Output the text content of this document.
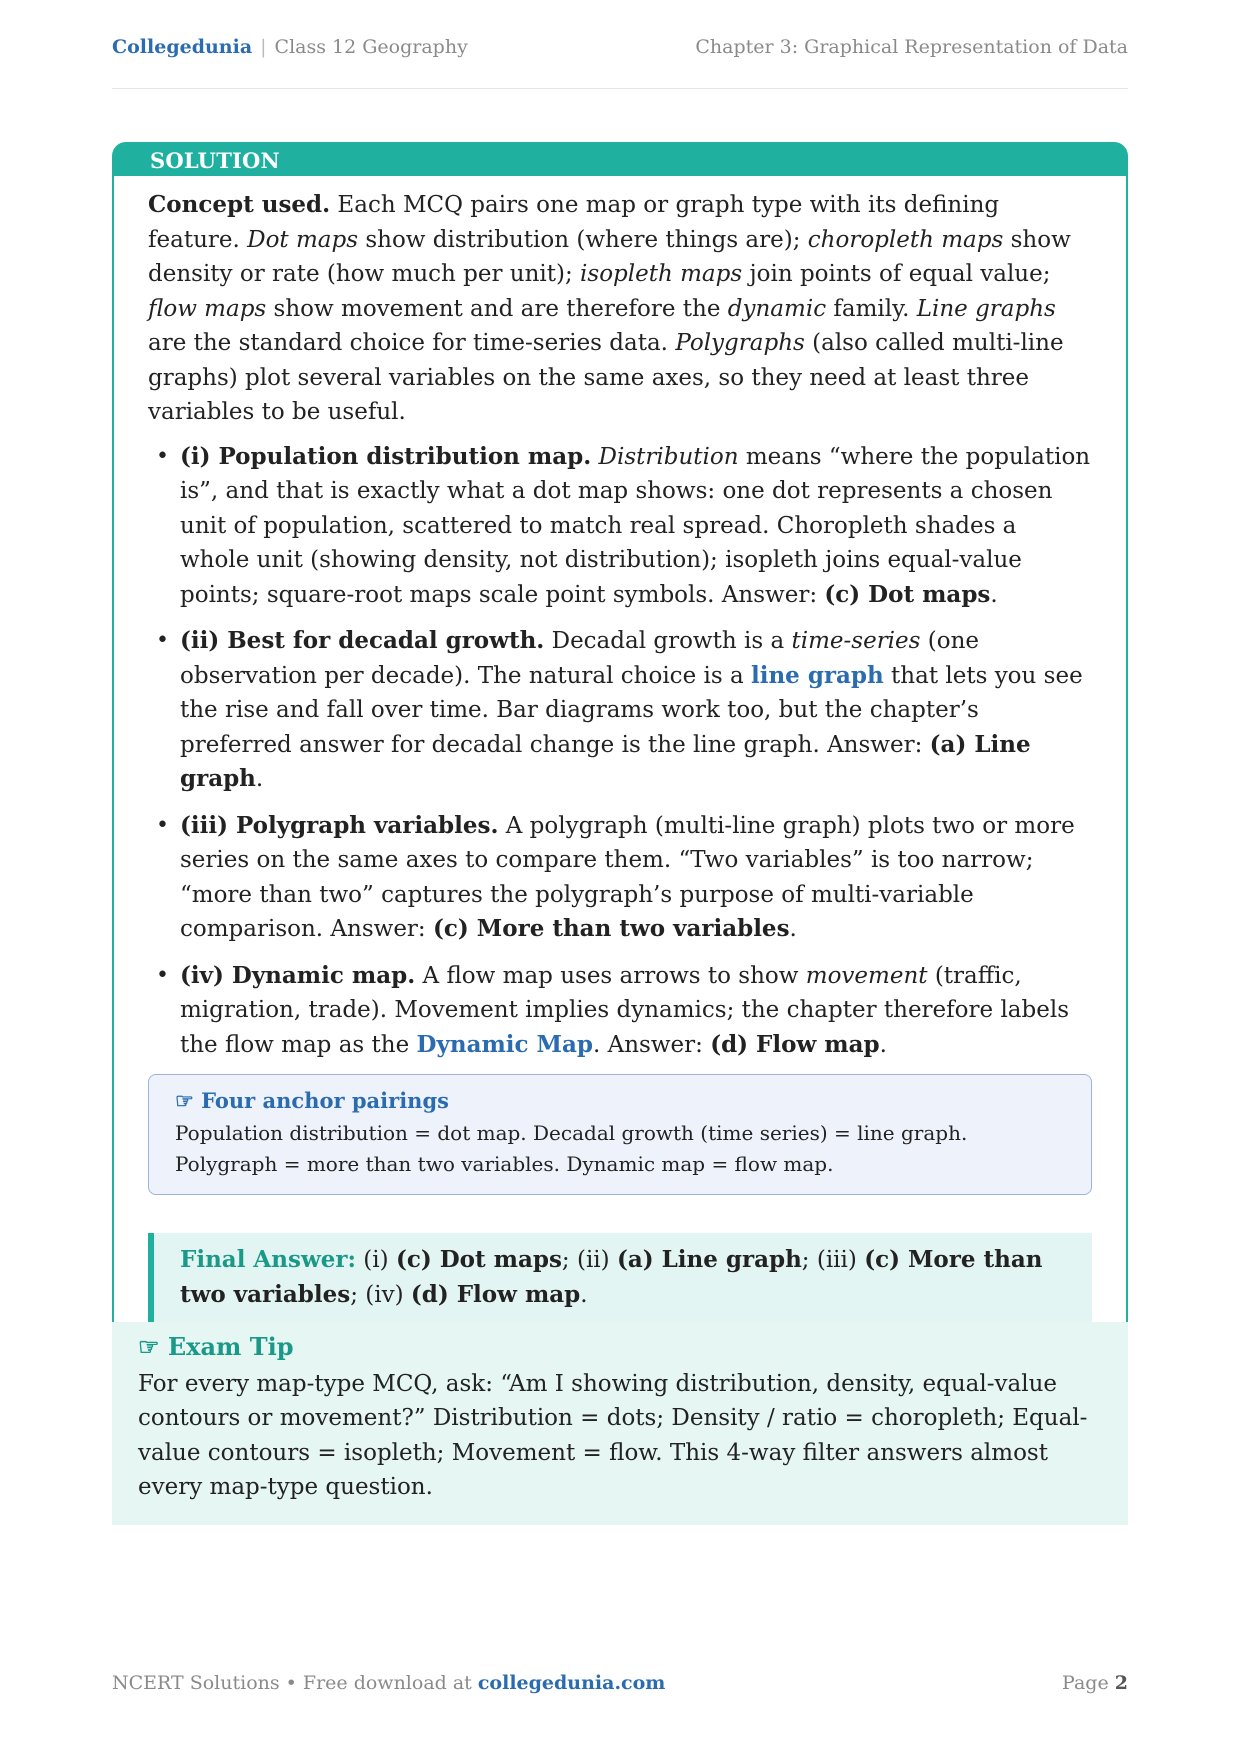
Collegedunia | Class 12 Geography	Chapter 3: Graphical Representation of Data
SOLUTION

Concept used. Each MCQ pairs one map or graph type with its defining feature. Dot maps show distribution (where things are); choropleth maps show density or rate (how much per unit); isopleth maps join points of equal value; flow maps show movement and are therefore the dynamic family. Line graphs are the standard choice for time-series data. Polygraphs (also called multi-line graphs) plot several variables on the same axes, so they need at least three variables to be useful.

• (i) Population distribution map. Distribution means “where the population is”, and that is exactly what a dot map shows: one dot represents a chosen unit of population, scattered to match real spread. Choropleth shades a whole unit (showing density, not distribution); isopleth joins equal-value points; square-root maps scale point symbols. Answer: (c) Dot maps.
• (ii) Best for decadal growth. Decadal growth is a time-series (one observation per decade). The natural choice is a line graph that lets you see the rise and fall over time. Bar diagrams work too, but the chapter’s preferred answer for decadal change is the line graph. Answer: (a) Line graph.
• (iii) Polygraph variables. A polygraph (multi-line graph) plots two or more series on the same axes to compare them. “Two variables” is too narrow; “more than two” captures the polygraph’s purpose of multi-variable comparison. Answer: (c) More than two variables.
• (iv) Dynamic map. A flow map uses arrows to show movement (traffic, migration, trade). Movement implies dynamics; the chapter therefore labels the flow map as the Dynamic Map. Answer: (d) Flow map.
☞ Four anchor pairings
Population distribution = dot map. Decadal growth (time series) = line graph. Polygraph = more than two variables. Dynamic map = flow map.
Final Answer: (i) (c) Dot maps; (ii) (a) Line graph; (iii) (c) More than two variables; (iv) (d) Flow map.
☞ Exam Tip
For every map-type MCQ, ask: “Am I showing distribution, density, equal-value contours or movement?” Distribution = dots; Density / ratio = choropleth; Equal-value contours = isopleth; Movement = flow. This 4-way filter answers almost every map-type question.
NCERT Solutions • Free download at collegedunia.com	Page 2
